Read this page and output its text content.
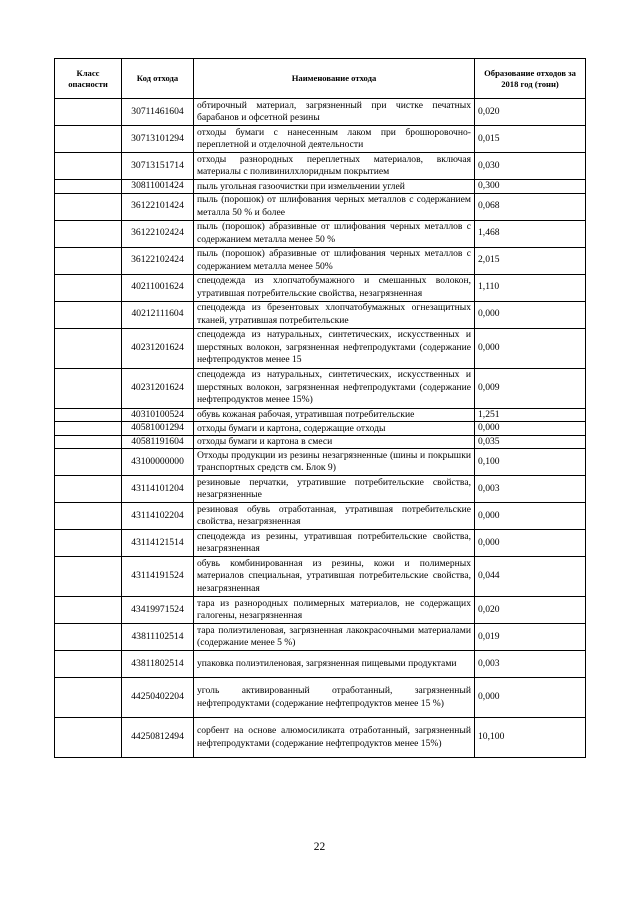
Класс опасности	Код отхода	Наименование отхода	Образование отходов за 2018 год (тонн)
	30711461604	обтирочный материал, загрязненный при чистке печатных барабанов и офсетной резины	0,020
	30713101294	отходы бумаги с нанесенным лаком при брошюровочно-переплетной и отделочной деятельности	0,015
	30713151714	отходы разнородных переплетных материалов, включая материалы с поливинилхлоридным покрытием	0,030
	30811001424	пыль угольная газоочистки при измельчении углей	0,300
	36122101424	пыль (порошок) от шлифования черных металлов с содержанием металла 50 % и более	0,068
	36122102424	пыль (порошок) абразивные от шлифования черных металлов с содержанием металла менее 50 %	1,468
	36122102424	пыль (порошок) абразивные от шлифования черных металлов с содержанием металла менее 50%	2,015
	40211001624	спецодежда из хлопчатобумажного и смешанных волокон, утратившая потребительские свойства, незагрязненная	1,110
	40212111604	спецодежда из брезентовых хлопчатобумажных огнезащитных тканей, утратившая потребительские	0,000
	40231201624	спецодежда из натуральных, синтетических, искусственных и шерстяных волокон, загрязненная нефтепродуктами (содержание нефтепродуктов менее 15	0,000
	40231201624	спецодежда из натуральных, синтетических, искусственных и шерстяных волокон, загрязненная нефтепродуктами (содержание нефтепродуктов менее 15%)	0,009
	40310100524	обувь кожаная рабочая, утратившая потребительские	1,251
	40581001294	отходы бумаги и картона, содержащие отходы	0,000
	40581191604	отходы бумаги и картона в смеси	0,035
	43100000000	Отходы продукции из резины незагрязненные (шины и покрышки транспортных средств см. Блок 9)	0,100
	43114101204	резиновые перчатки, утратившие потребительские свойства, незагрязненные	0,003
	43114102204	резиновая обувь отработанная, утратившая потребительские свойства, незагрязненная	0,000
	43114121514	спецодежда из резины, утратившая потребительские свойства, незагрязненная	0,000
	43114191524	обувь комбинированная из резины, кожи и полимерных материалов специальная, утратившая потребительские свойства, незагрязненная	0,044
	43419971524	тара из разнородных полимерных материалов, не содержащих галогены, незагрязненная	0,020
	43811102514	тара полиэтиленовая, загрязненная лакокрасочными материалами (содержание менее 5 %)	0,019
	43811802514	упаковка полиэтиленовая, загрязненная пищевыми продуктами	0,003
	44250402204	уголь активированный отработанный, загрязненный нефтепродуктами (содержание нефтепродуктов менее 15 %)	0,000
	44250812494	сорбент на основе алюмосиликата отработанный, загрязненный нефтепродуктами (содержание нефтепродуктов менее 15%)	10,100
22
